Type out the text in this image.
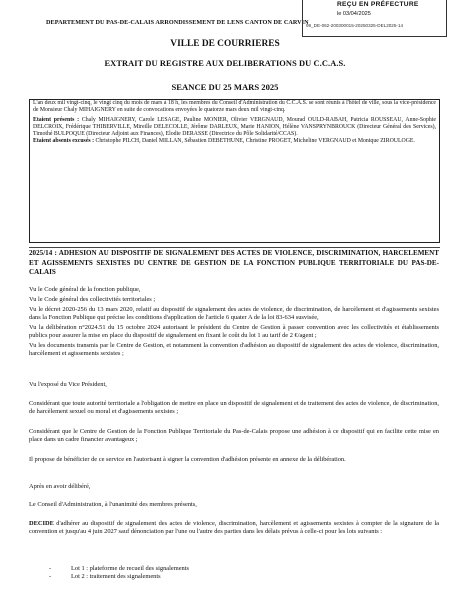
DEPARTEMENT DU PAS-DE-CALAIS ARRONDISSEMENT DE LENS CANTON DE CARVIN
REÇU EN PRÉFECTURE
le 03/04/2025
99_DE-062-200300015-20250325-DEL2025-14
VILLE DE COURRIERES
EXTRAIT DU REGISTRE AUX DELIBERATIONS DU C.C.A.S.
SEANCE DU 25 MARS 2025

L'an deux mil vingt-cinq, le vingt cinq du mois de mars à 18 h, les membres du Conseil d'Administration du C.C.A.S. se sont réunis à l'hôtel de ville, sous la vice-présidence de Monsieur Chaly MIHAIGNERY en suite de convocations envoyées le quatorze mars deux mil vingt-cinq.

Etaient présents : Chaly MIHAIGNERY, Carole LESAGE, Pauline MONIER, Olivier VERGNAUD, Mourad OULD-RABAH, Patricia ROUSSEAU, Anne-Sophie DELCROIX, Frédérique THIBERVILLE, Mireille DELECOLLE, Jérôme DARLEUX, Marie HANION, Hélène VANSPRYNBROUCK (Directeur Général des Services), Timothé BULPOQUE (Directeur Adjoint aux Finances), Elodie DERASSE (Directrice du Pôle Solidarité/CCAS).

Etaient absents excusés : Christophe PILCH, Daniel MILLAN, Sébastien DEBETHUNE, Christine PROGET, Micheline VERGNAUD et Monique ZIROULOGE.

2025/14 : ADHESION AU DISPOSITIF DE SIGNALEMENT DES ACTES DE VIOLENCE, DISCRIMINATION, HARCELEMENT ET AGISSEMENTS SEXISTES DU CENTRE DE GESTION DE LA FONCTION PUBLIQUE TERRITORIALE DU PAS-DE-CALAIS

Vu le Code général de la fonction publique,

Vu le Code général des collectivités territoriales ;

Vu le décret 2020-256 du 13 mars 2020, relatif au dispositif de signalement des actes de violence, de discrimination, de harcèlement et d'agissements sexistes dans la Fonction Publique qui précise les conditions d'application de l'article 6 quater A de la loi 83-634 susvisée,

Vu la délibération n°2024.51 du 15 octobre 2024 autorisant le président du Centre de Gestion à passer convention avec les collectivités et établissements publics pour assurer la mise en place du dispositif de signalement en fixant le coût du lot 1 au tarif de 2 €/agent ;

Vu les documents transmis par le Centre de Gestion, et notamment la convention d'adhésion au dispositif de signalement des actes de violence, discrimination, harcèlement et agissements sexistes ;

Vu l'exposé du Vice Président,
Considérant que toute autorité territoriale a l'obligation de mettre en place un dispositif de signalement et de traitement des actes de violence, de discrimination, de harcèlement sexuel ou moral et d'agissements sexistes ;
Considérant que le Centre de Gestion de la Fonction Publique Territoriale du Pas-de-Calais propose une adhésion à ce dispositif qui en facilite cette mise en place dans un cadre financier avantageux ;
Il propose de bénéficier de ce service en l'autorisant à signer la convention d'adhésion présente en annexe de la délibération.
Après en avoir délibéré,
Le Conseil d'Administration, à l'unanimité des membres présents,
DECIDE d'adhérer au dispositif de signalement des actes de violence, discrimination, harcèlement et agissements sexistes à compter de la signature de la convention et jusqu'au 4 juin 2027 sauf dénonciation par l'une ou l'autre des parties dans les délais prévus à celle-ci pour les lots suivants :
-	Lot 1 : plateforme de recueil des signalements
-	Lot 2 : traitement des signalements
